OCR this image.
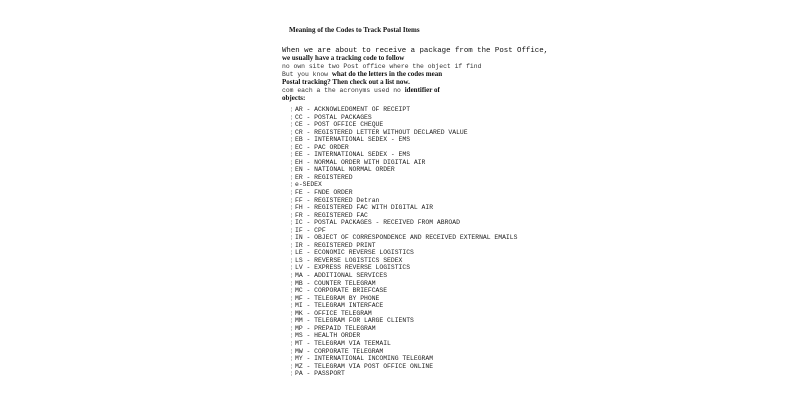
Meaning of the Codes to Track Postal Items
When we are about to receive a package from the Post Office,
we usually have a tracking code to follow
no own site two Post office where the object if find
But you know what do the letters in the codes mean
Postal tracking? Then check out a list now.
com each a the acronyms used no identifier of
objects:
¦ AR - ACKNOWLEDGMENT OF RECEIPT
¦ CC - POSTAL PACKAGES
¦ CE - POST OFFICE CHEQUE
¦ CR - REGISTERED LETTER WITHOUT DECLARED VALUE
¦ EB - INTERNATIONAL SEDEX - EMS
¦ EC - PAC ORDER
¦ EE - INTERNATIONAL SEDEX - EMS
¦ EH - NORMAL ORDER WITH DIGITAL AIR
¦ EN - NATIONAL NORMAL ORDER
¦ ER - REGISTERED
¦ e-SEDEX
¦ FE - FNDE ORDER
¦ FF - REGISTERED Detran
¦ FH - REGISTERED FAC WITH DIGITAL AIR
¦ FR - REGISTERED FAC
¦ IC - POSTAL PACKAGES - RECEIVED FROM ABROAD
¦ IF - CPF
¦ IN - OBJECT OF CORRESPONDENCE AND RECEIVED EXTERNAL EMAILS
¦ IR - REGISTERED PRINT
¦ LE - ECONOMIC REVERSE LOGISTICS
¦ LS - REVERSE LOGISTICS SEDEX
¦ LV - EXPRESS REVERSE LOGISTICS
¦ MA - ADDITIONAL SERVICES
¦ MB - COUNTER TELEGRAM
¦ MC - CORPORATE BRIEFCASE
¦ MF - TELEGRAM BY PHONE
¦ MI - TELEGRAM INTERFACE
¦ MK - OFFICE TELEGRAM
¦ MM - TELEGRAM FOR LARGE CLIENTS
¦ MP - PREPAID TELEGRAM
¦ MS - HEALTH ORDER
¦ MT - TELEGRAM VIA TEEMAIL
¦ MW - CORPORATE TELEGRAM
¦ MY - INTERNATIONAL INCOMING TELEGRAM
¦ MZ - TELEGRAM VIA POST OFFICE ONLINE
¦ PA - PASSPORT
